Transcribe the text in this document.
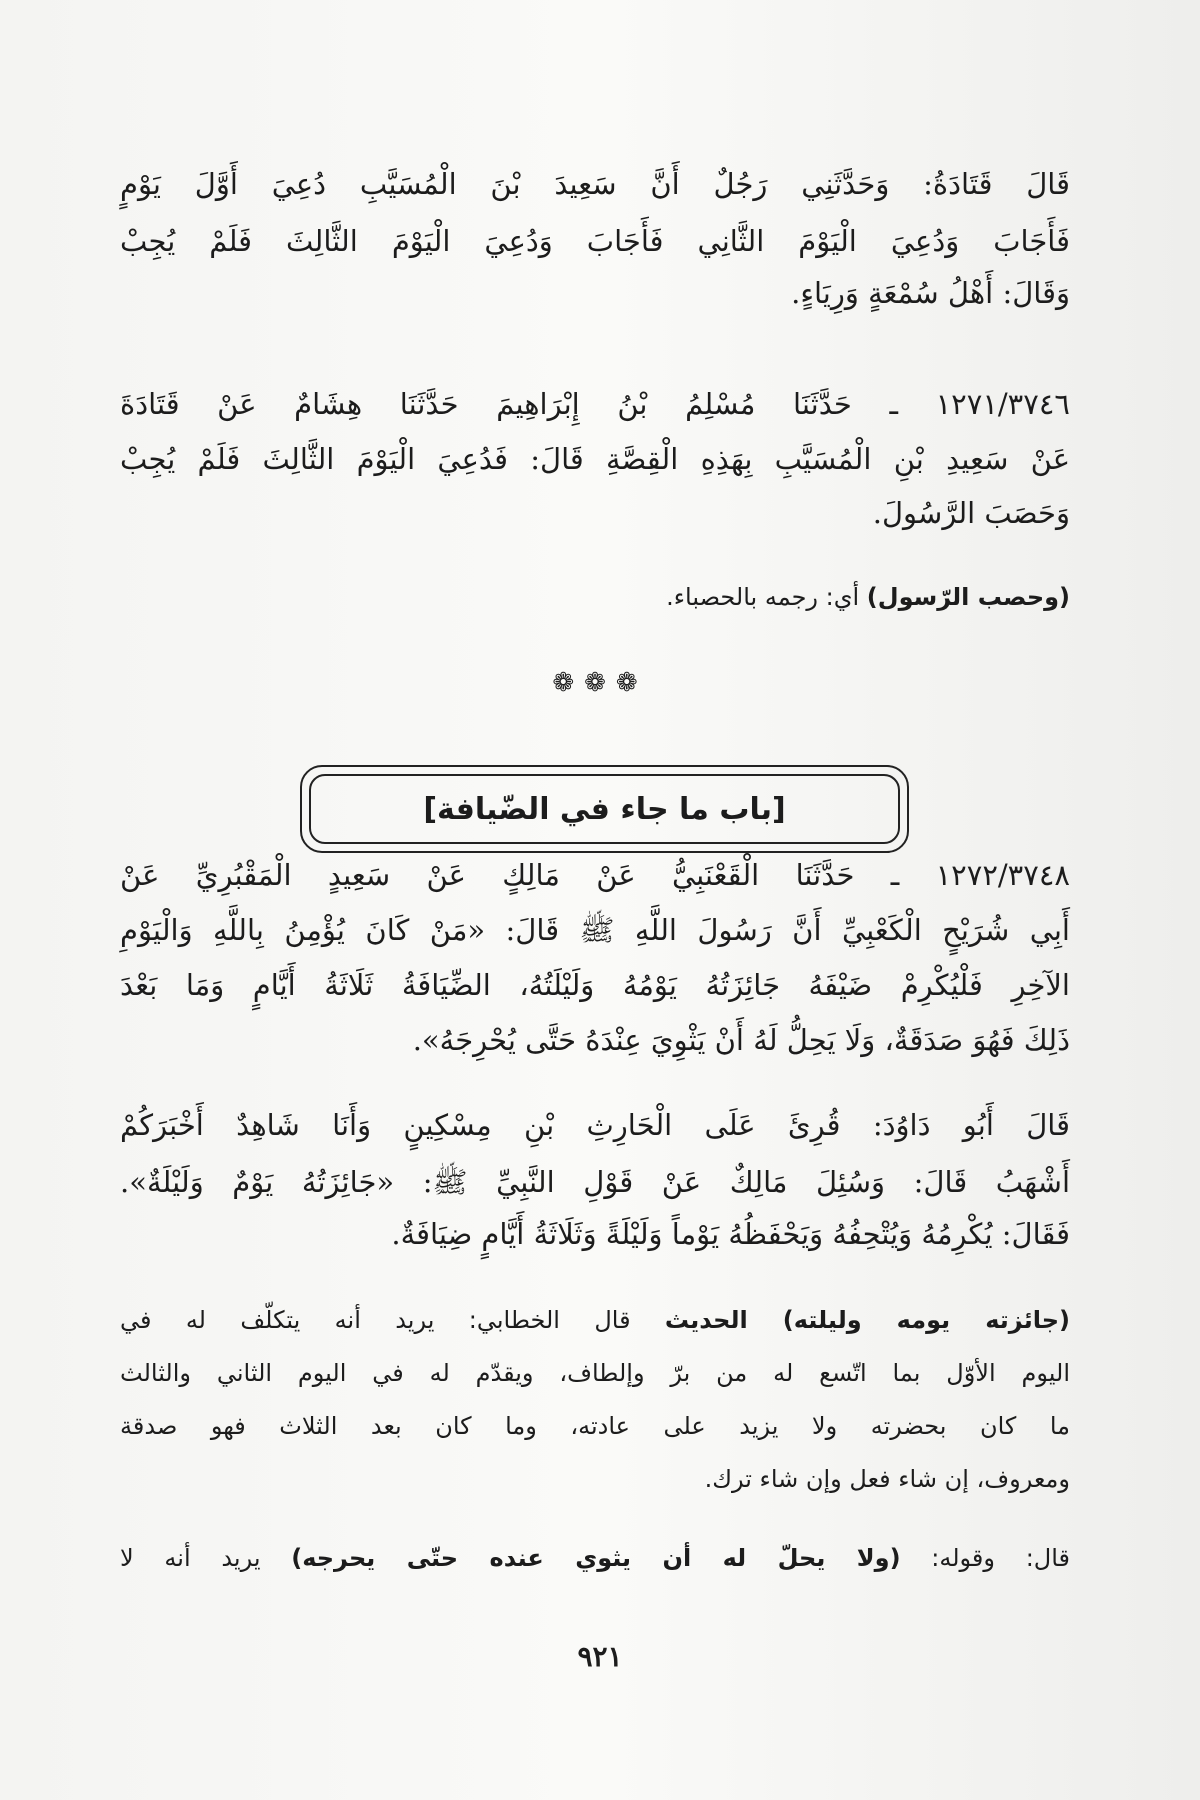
قَالَ قَتَادَةُ: وَحَدَّثَنِي رَجُلٌ أَنَّ سَعِيدَ بْنَ الْمُسَيَّبِ دُعِيَ أَوَّلَ يَوْمٍ
فَأَجَابَ وَدُعِيَ الْيَوْمَ الثَّانِي فَأَجَابَ وَدُعِيَ الْيَوْمَ الثَّالِثَ فَلَمْ يُجِبْ
وَقَالَ: أَهْلُ سُمْعَةٍ وَرِيَاءٍ.
١٢٧١/٣٧٤٦ ـ حَدَّثَنَا مُسْلِمُ بْنُ إِبْرَاهِيمَ حَدَّثَنَا هِشَامٌ عَنْ قَتَادَةَ
عَنْ سَعِيدِ بْنِ الْمُسَيَّبِ بِهَذِهِ الْقِصَّةِ قَالَ: فَدُعِيَ الْيَوْمَ الثَّالِثَ فَلَمْ يُجِبْ
وَحَصَبَ الرَّسُولَ.
(وحصب الرّسول) أي: رجمه بالحصباء.
❁❁❁
[باب ما جاء في الضّيافة]
١٢٧٢/٣٧٤٨ ـ حَدَّثَنَا الْقَعْنَبِيُّ عَنْ مَالِكٍ عَنْ سَعِيدٍ الْمَقْبُرِيِّ عَنْ
أَبِي شُرَيْحٍ الْكَعْبِيِّ أَنَّ رَسُولَ اللَّهِ ﷺ قَالَ: «مَنْ كَانَ يُؤْمِنُ بِاللَّهِ وَالْيَوْمِ
الآخِرِ فَلْيُكْرِمْ ضَيْفَهُ جَائِزَتُهُ يَوْمُهُ وَلَيْلَتُهُ، الضِّيَافَةُ ثَلَاثَةُ أَيَّامٍ وَمَا بَعْدَ
ذَلِكَ فَهُوَ صَدَقَةٌ، وَلَا يَحِلُّ لَهُ أَنْ يَثْوِيَ عِنْدَهُ حَتَّى يُحْرِجَهُ».
قَالَ أَبُو دَاوُدَ: قُرِئَ عَلَى الْحَارِثِ بْنِ مِسْكِينٍ وَأَنَا شَاهِدٌ أَخْبَرَكُمْ
أَشْهَبُ قَالَ: وَسُئِلَ مَالِكٌ عَنْ قَوْلِ النَّبِيِّ ﷺ: «جَائِزَتُهُ يَوْمٌ وَلَيْلَةٌ».
فَقَالَ: يُكْرِمُهُ وَيُتْحِفُهُ وَيَحْفَظُهُ يَوْماً وَلَيْلَةً وَثَلَاثَةُ أَيَّامٍ ضِيَافَةٌ.
(جائزته يومه وليلته) الحديث قال الخطابي: يريد أنه يتكلّف له في
اليوم الأوّل بما اتّسع له من برّ وإلطاف، ويقدّم له في اليوم الثاني والثالث
ما كان بحضرته ولا يزيد على عادته، وما كان بعد الثلاث فهو صدقة
ومعروف، إن شاء فعل وإن شاء ترك.
قال: وقوله: (ولا يحلّ له أن يثوي عنده حتّى يحرجه) يريد أنه لا
٩٢١
